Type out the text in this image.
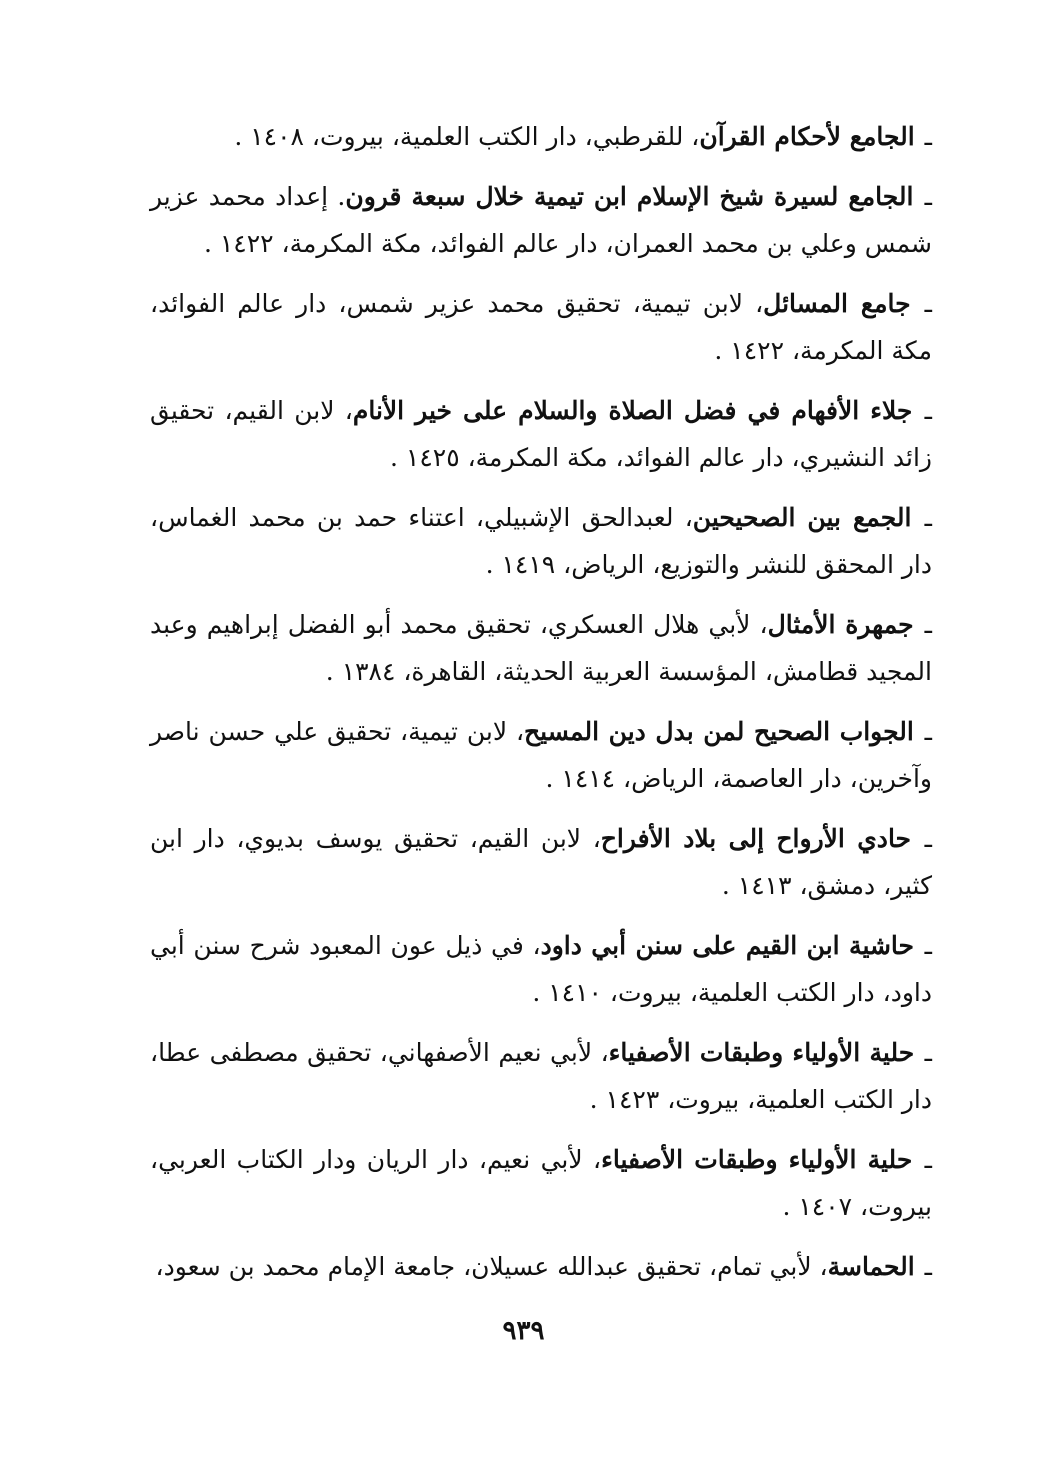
ـ الجامع لأحكام القرآن، للقرطبي، دار الكتب العلمية، بيروت، ١٤٠٨ .

ـ الجامع لسيرة شيخ الإسلام ابن تيمية خلال سبعة قرون. إعداد محمد عزير شمس وعلي بن محمد العمران، دار عالم الفوائد، مكة المكرمة، ١٤٢٢ .

ـ جامع المسائل، لابن تيمية، تحقيق محمد عزير شمس، دار عالم الفوائد، مكة المكرمة، ١٤٢٢ .

ـ جلاء الأفهام في فضل الصلاة والسلام على خير الأنام، لابن القيم، تحقيق زائد النشيري، دار عالم الفوائد، مكة المكرمة، ١٤٢٥ .

ـ الجمع بين الصحيحين، لعبدالحق الإشبيلي، اعتناء حمد بن محمد الغماس، دار المحقق للنشر والتوزيع، الرياض، ١٤١٩ .

ـ جمهرة الأمثال، لأبي هلال العسكري، تحقيق محمد أبو الفضل إبراهيم وعبد المجيد قطامش، المؤسسة العربية الحديثة، القاهرة، ١٣٨٤ .

ـ الجواب الصحيح لمن بدل دين المسيح، لابن تيمية، تحقيق علي حسن ناصر وآخرين، دار العاصمة، الرياض، ١٤١٤ .

ـ حادي الأرواح إلى بلاد الأفراح، لابن القيم، تحقيق يوسف بديوي، دار ابن كثير، دمشق، ١٤١٣ .

ـ حاشية ابن القيم على سنن أبي داود، في ذيل عون المعبود شرح سنن أبي داود، دار الكتب العلمية، بيروت، ١٤١٠ .

ـ حلية الأولياء وطبقات الأصفياء، لأبي نعيم الأصفهاني، تحقيق مصطفى عطا، دار الكتب العلمية، بيروت، ١٤٢٣ .

ـ حلية الأولياء وطبقات الأصفياء، لأبي نعيم، دار الريان ودار الكتاب العربي، بيروت، ١٤٠٧ .

ـ الحماسة، لأبي تمام، تحقيق عبدالله عسيلان، جامعة الإمام محمد بن سعود،

٩٣٩
